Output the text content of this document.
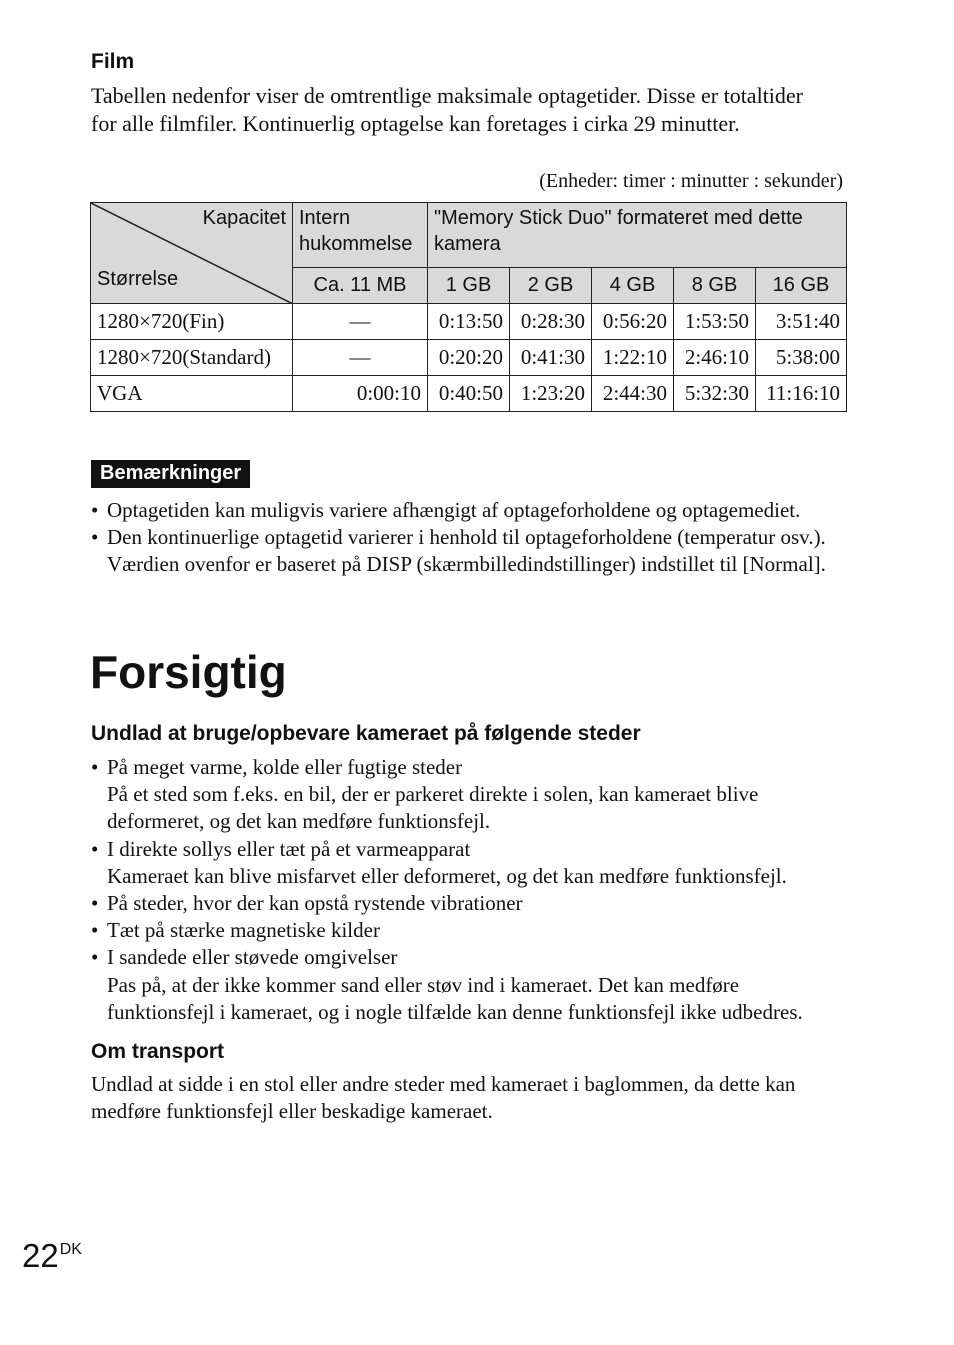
Film
Tabellen nedenfor viser de omtrentlige maksimale optagetider. Disse er totaltider for alle filmfiler. Kontinuerlig optagelse kan foretages i cirka 29 minutter.
(Enheder: timer : minutter : sekunder)
Kapacitet
Størrelse	Intern hukommelse	"Memory Stick Duo" formateret med dette kamera				
	Ca. 11 MB	1 GB	2 GB	4 GB	8 GB	16 GB
1280×720(Fin)	—	0:13:50	0:28:30	0:56:20	1:53:50	3:51:40
1280×720(Standard)	—	0:20:20	0:41:30	1:22:10	2:46:10	5:38:00
VGA	0:00:10	0:40:50	1:23:20	2:44:30	5:32:30	11:16:10
Bemærkninger
• Optagetiden kan muligvis variere afhængigt af optageforholdene og optagemediet.
• Den kontinuerlige optagetid varierer i henhold til optageforholdene (temperatur osv.). Værdien ovenfor er baseret på DISP (skærmbilledindstillinger) indstillet til [Normal].
Forsigtig
Undlad at bruge/opbevare kameraet på følgende steder
• På meget varme, kolde eller fugtige steder
På et sted som f.eks. en bil, der er parkeret direkte i solen, kan kameraet blive deformeret, og det kan medføre funktionsfejl.
• I direkte sollys eller tæt på et varmeapparat
Kameraet kan blive misfarvet eller deformeret, og det kan medføre funktionsfejl.
• På steder, hvor der kan opstå rystende vibrationer
• Tæt på stærke magnetiske kilder
• I sandede eller støvede omgivelser
Pas på, at der ikke kommer sand eller støv ind i kameraet. Det kan medføre funktionsfejl i kameraet, og i nogle tilfælde kan denne funktionsfejl ikke udbedres.
Om transport
Undlad at sidde i en stol eller andre steder med kameraet i baglommen, da dette kan medføre funktionsfejl eller beskadige kameraet.
$22^{DK}$
